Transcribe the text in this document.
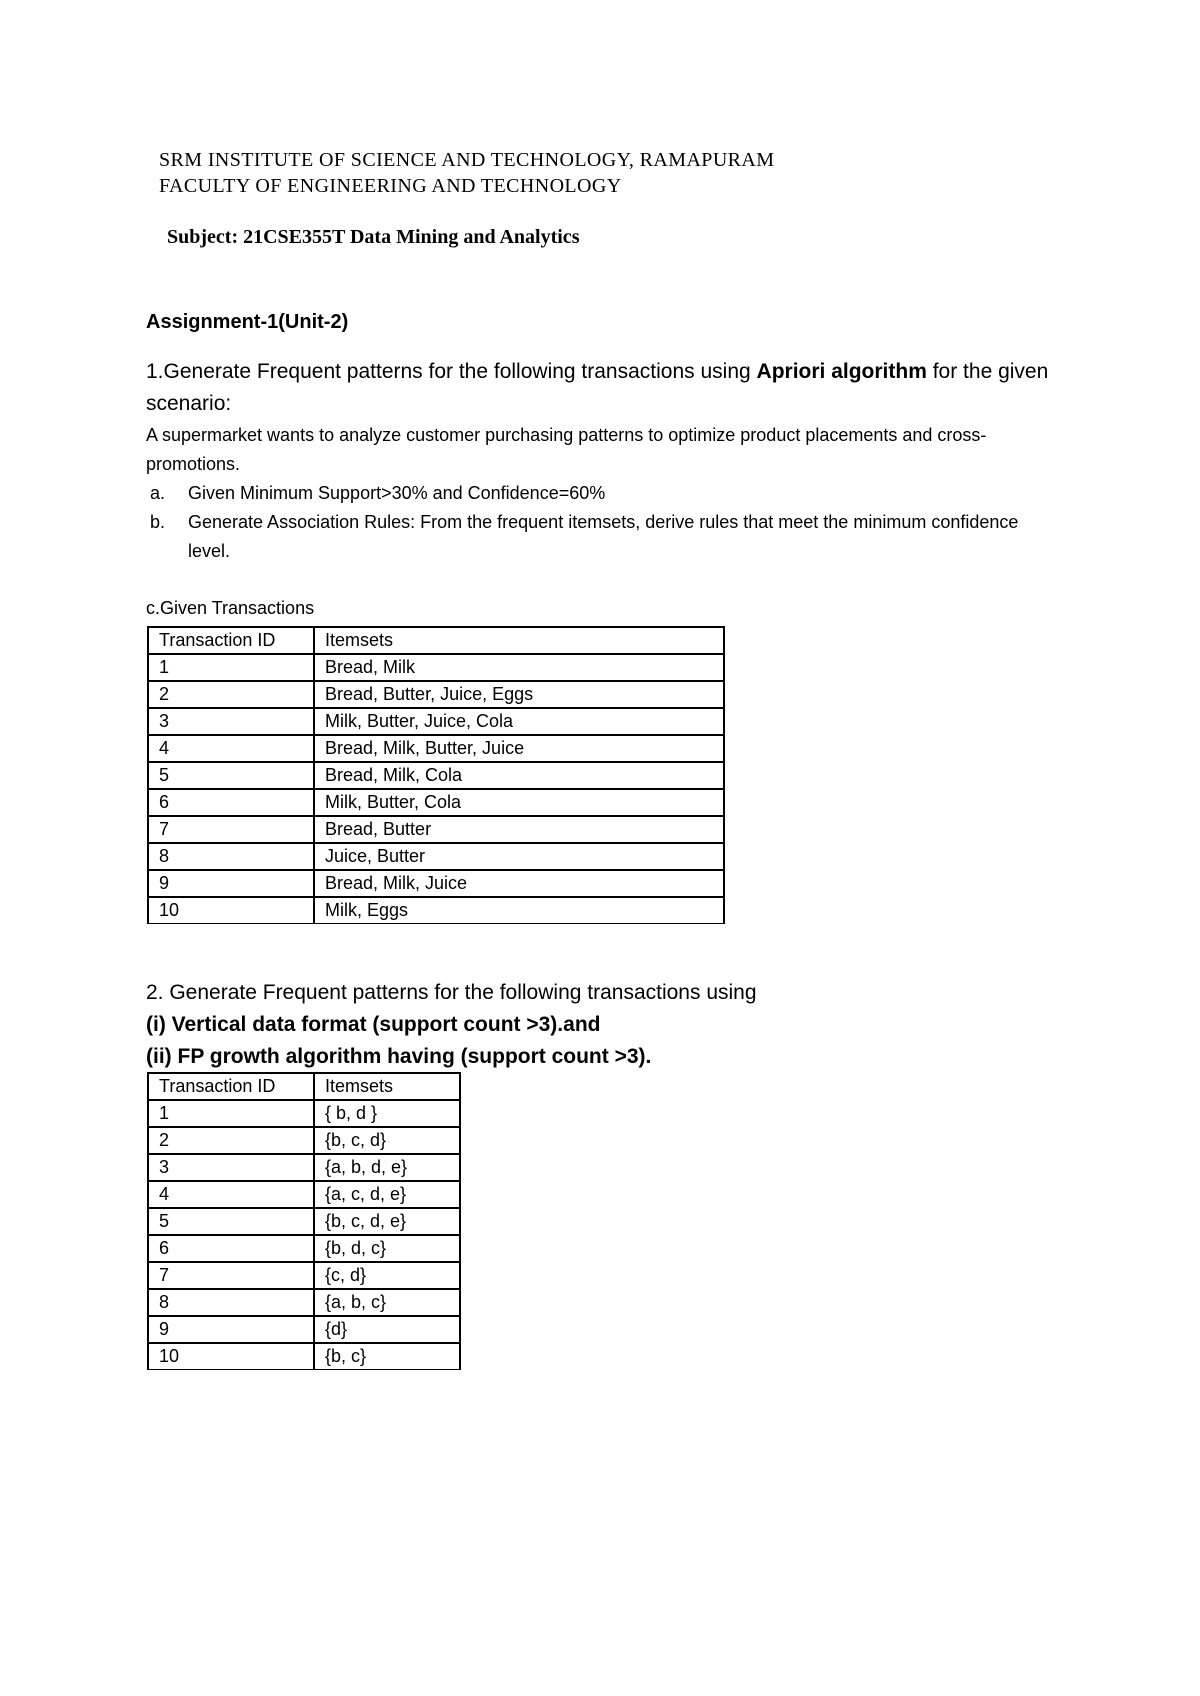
SRM INSTITUTE OF SCIENCE AND TECHNOLOGY, RAMAPURAM
FACULTY OF ENGINEERING AND TECHNOLOGY
Subject: 21CSE355T Data Mining and Analytics
Assignment-1(Unit-2)
1.Generate Frequent patterns for the following transactions using Apriori algorithm for the given scenario:
A supermarket wants to analyze customer purchasing patterns to optimize product placements and cross-promotions.
a. Given Minimum Support>30% and Confidence=60%
b. Generate Association Rules: From the frequent itemsets, derive rules that meet the minimum confidence level.
c.Given Transactions
Transaction ID	Itemsets
1	Bread, Milk
2	Bread, Butter, Juice, Eggs
3	Milk, Butter, Juice, Cola
4	Bread, Milk, Butter, Juice
5	Bread, Milk, Cola
6	Milk, Butter, Cola
7	Bread, Butter
8	Juice, Butter
9	Bread, Milk, Juice
10	Milk, Eggs
2. Generate Frequent patterns for the following transactions using
(i) Vertical data format (support count >3).and
(ii) FP growth algorithm having (support count >3).
Transaction ID	Itemsets
1	{ b, d }
2	{b, c, d}
3	{a, b, d, e}
4	{a, c, d, e}
5	{b, c, d, e}
6	{b, d, c}
7	{c, d}
8	{a, b, c}
9	{d}
10	{b, c}
